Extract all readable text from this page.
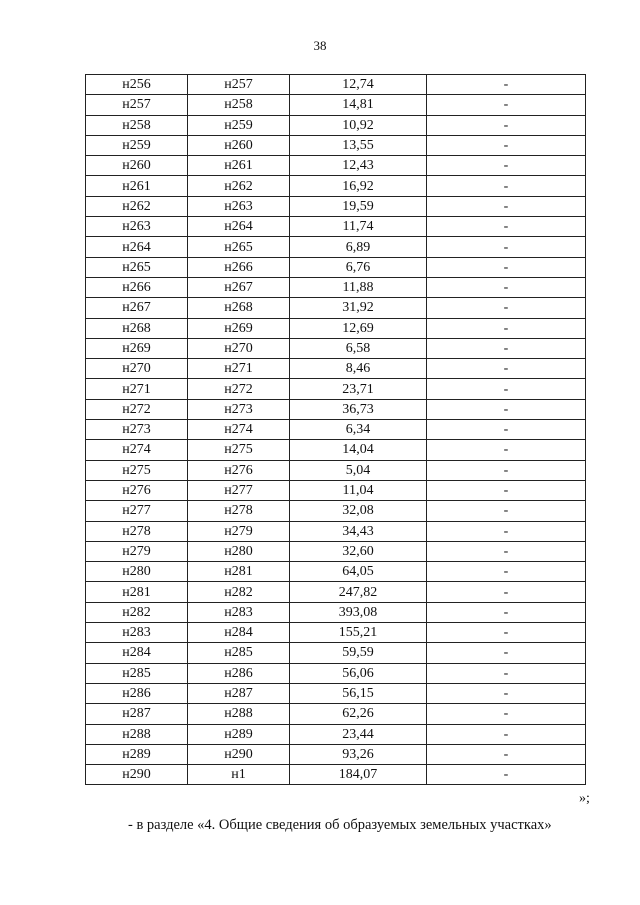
38
н256	н257	12,74	-
н257	н258	14,81	-
н258	н259	10,92	-
н259	н260	13,55	-
н260	н261	12,43	-
н261	н262	16,92	-
н262	н263	19,59	-
н263	н264	11,74	-
н264	н265	6,89	-
н265	н266	6,76	-
н266	н267	11,88	-
н267	н268	31,92	-
н268	н269	12,69	-
н269	н270	6,58	-
н270	н271	8,46	-
н271	н272	23,71	-
н272	н273	36,73	-
н273	н274	6,34	-
н274	н275	14,04	-
н275	н276	5,04	-
н276	н277	11,04	-
н277	н278	32,08	-
н278	н279	34,43	-
н279	н280	32,60	-
н280	н281	64,05	-
н281	н282	247,82	-
н282	н283	393,08	-
н283	н284	155,21	-
н284	н285	59,59	-
н285	н286	56,06	-
н286	н287	56,15	-
н287	н288	62,26	-
н288	н289	23,44	-
н289	н290	93,26	-
н290	н1	184,07	-
»;
- в разделе «4. Общие сведения об образуемых земельных участках»
